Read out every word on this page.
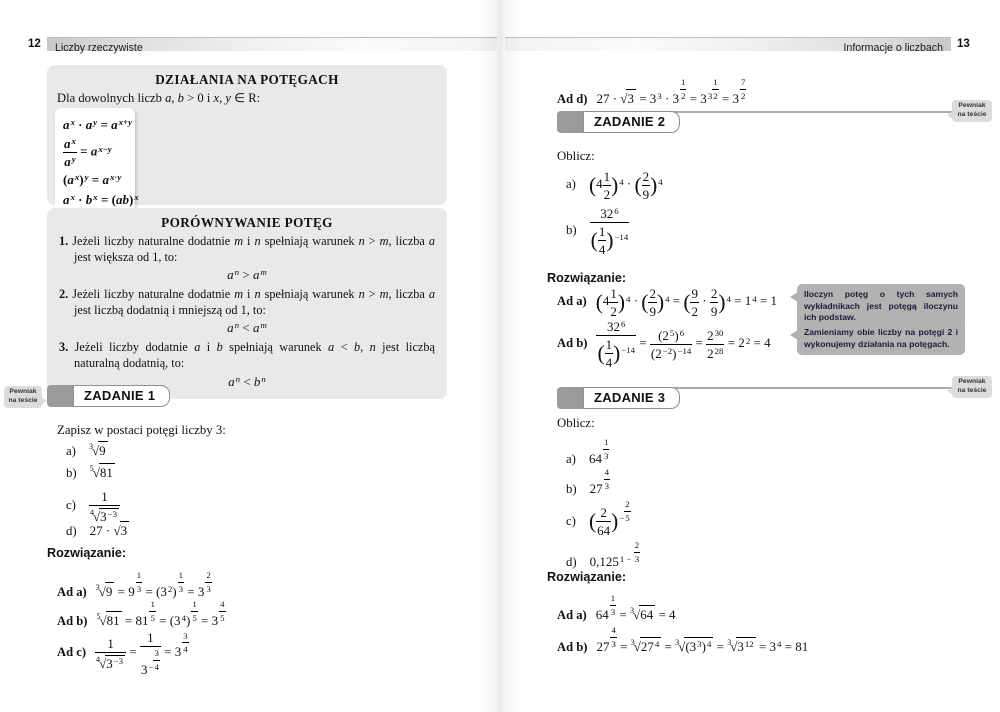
12	Liczby rzeczywiste
DZIAŁANIA NA POTĘGACH
Dla dowolnych liczb a, b > 0 i x, y ∈ R:
ax · ay = ax+y
$\frac{ax}{ay} = ax-y$
(ax)y = ax·y
ax · bx = (ab)x
PORÓWNYWANIE POTĘG
1. Jeżeli liczby naturalne dodatnie m i n spełniają warunek n > m, liczba a jest większa od 1, to:
an > am
2. Jeżeli liczby naturalne dodatnie m i n spełniają warunek n > m, liczba a jest liczbą dodatnią i mniejszą od 1, to:
an < am
3. Jeżeli liczby dodatnie a i b spełniają warunek a < b, n jest liczbą naturalną dodatnią, to:
an < bn
Pewniak
na teście	ZADANIE 1
Zapisz w postaci potęgi liczby 3:
a) $^3$√9
b) $^5$√81
$c) \frac{1}{^4√3-3}$
d) 27 · √3
Rozwiązanie:
Ad a) $^3√9 = 9 \frac{1}{3} = (32) \frac{1}{3} = 3 \frac{2}{3}$
Ad b) $^5√81 = 81 \frac{1}{5} = (34) \frac{1}{5} = 3 \frac{4}{5}$
Ad $c) \frac{1}{^4√3-3} = \frac{1}{3- \frac{3}{4}} = 3 \frac{3}{4}$
Informacje o liczbach	13
Ad d) $27 \cdot √3 = 33 \cdot 3 \frac{1}{2} = 33 \frac{1}{2} = 3 \frac{7}{2}$
ZADANIE 2
Pewniak
na teście
Oblicz:
a) $(4 \frac{1}{2} )4$ · ( $\frac{2}{9} )4$
$b) \frac{326}{( \frac{1}{4} )-14}$
Rozwiązanie:
Ad a) $(4 \frac{1}{2} )4$ · ( $\frac{2}{9} )4$ = ( $\frac{9}{2} \cdot \frac{2}{9} )4 = 14 = 1$	Iloczyn potęg o tych samych wykładnikach jest potęgą iloczynu ich podstaw.
Ad $b) \frac{326}{( \frac{1}{4} )-14} = \frac{(25)6}{(2-2)-14} = \frac{230}{228} = 22 = 4$
Zamieniamy obie liczby na potęgi 2 i wykonujemy działania na potęgach.
ZADANIE 3
Pewniak
na teście
Oblicz:
a) $64 \frac{1}{3}$
b) $27 \frac{4}{3}$
c) ( $\frac{2}{64}$ )− $\frac{2}{5}$
d) $0,1251 - \frac{2}{3}$
Rozwiązanie:
Ad a) $64 \frac{1}{3} = ^3√64 = 4$
Ad b) $27 \frac{4}{3} = ^3√274 = ^3√(33)4 = ^3√312 = 34 = 81$
